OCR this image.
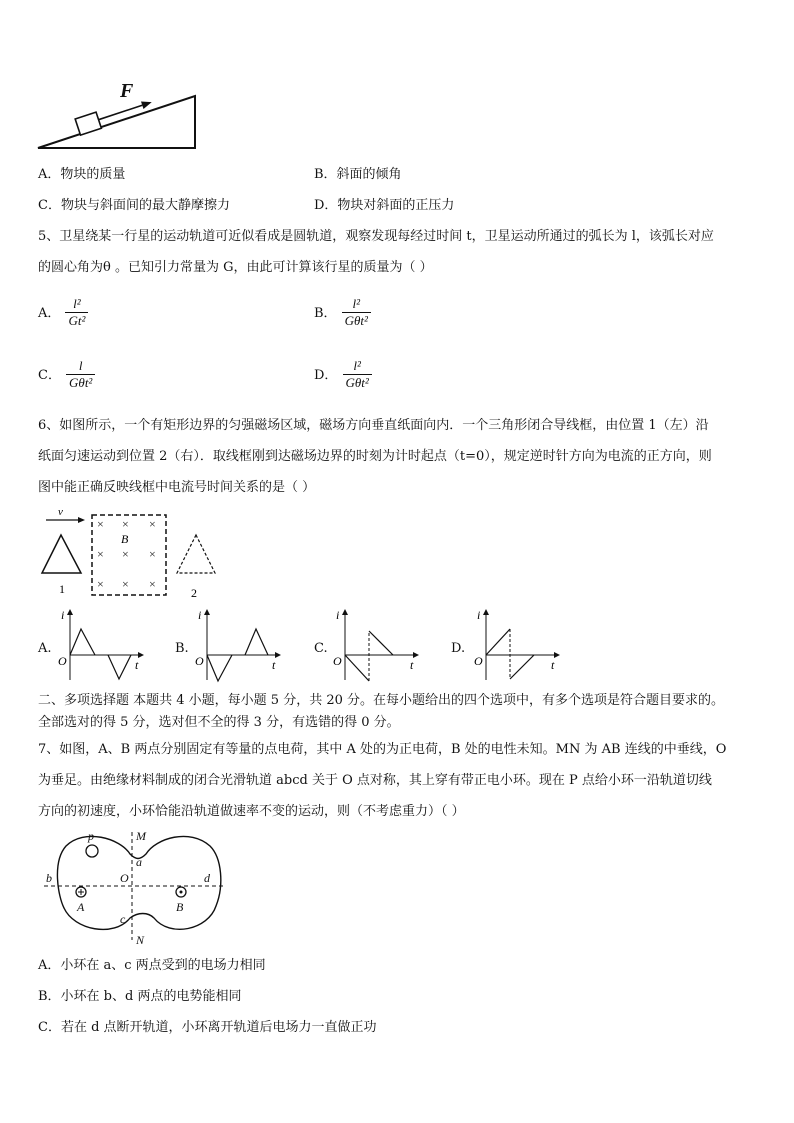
F
A．物块的质量	B．斜面的倾角
C．物块与斜面间的最大静摩擦力	D．物块对斜面的正压力
5、卫星绕某一行星的运动轨道可近似看成是圆轨道，观察发现每经过时间 t，卫星运动所通过的弧长为 l，该弧长对应
的圆心角为θ 。已知引力常量为 G，由此可计算该行星的质量为（ ）
A． $\frac{\text{l²}}{\text{Gt²}}$	B． $\frac{\text{l²}}{\text{Gθt²}}$
C． $\frac{l}{\text{Gθt²}}$	D． $\frac{\text{l²}}{\text{Gθt²}}$
6、如图所示，一个有矩形边界的匀强磁场区域，磁场方向垂直纸面向内．一个三角形闭合导线框，由位置 1（左）沿
纸面匀速运动到位置 2（右）．取线框刚到达磁场边界的时刻为计时起点（t=0），规定逆时针方向为电流的正方向，则
图中能正确反映线框中电流号时间关系的是（ ）
v
1
× × ×
× × ×
× × ×
B
2
A.
i
O	t
B.
i
O	t
C.
i
O	t
D.
i
O	t
二、多项选择题 本题共 4 小题，每小题 5 分，共 20 分。在每小题给出的四个选项中，有多个选项是符合题目要求的。
全部选对的得 5 分，选对但不全的得 3 分，有选错的得 0 分。
7、如图，A、B 两点分别固定有等量的点电荷，其中 A 处的为正电荷，B 处的电性未知。MN 为 AB 连线的中垂线，O
为垂足。由绝缘材料制成的闭合光滑轨道 abcd 关于 O 点对称，其上穿有带正电小环。现在 P 点给小环一沿轨道切线
方向的初速度，小环恰能沿轨道做速率不变的运动，则（不考虑重力）（ ）
p	M
a
b	O	d
A	B
c
N
A．小环在 a、c 两点受到的电场力相同
B．小环在 b、d 两点的电势能相同
C．若在 d 点断开轨道，小环离开轨道后电场力一直做正功
